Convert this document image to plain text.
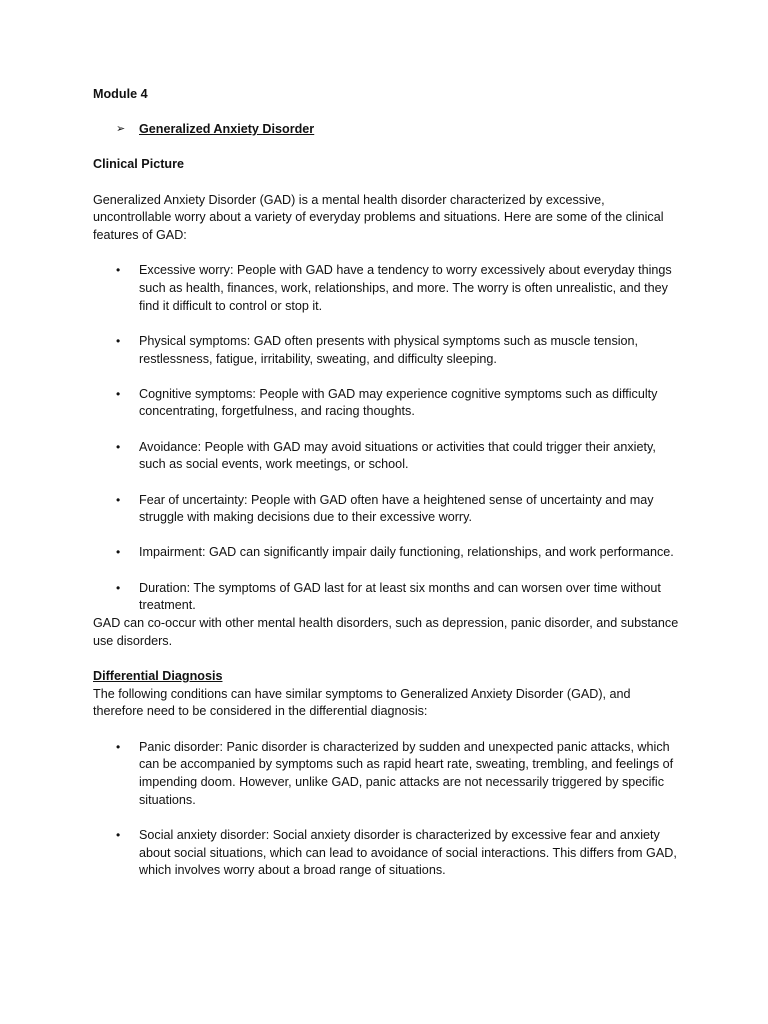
Module 4
➢ Generalized Anxiety Disorder
Clinical Picture
Generalized Anxiety Disorder (GAD) is a mental health disorder characterized by excessive, uncontrollable worry about a variety of everyday problems and situations. Here are some of the clinical features of GAD:
• Excessive worry: People with GAD have a tendency to worry excessively about everyday things such as health, finances, work, relationships, and more. The worry is often unrealistic, and they find it difficult to control or stop it.
• Physical symptoms: GAD often presents with physical symptoms such as muscle tension, restlessness, fatigue, irritability, sweating, and difficulty sleeping.
• Cognitive symptoms: People with GAD may experience cognitive symptoms such as difficulty concentrating, forgetfulness, and racing thoughts.
• Avoidance: People with GAD may avoid situations or activities that could trigger their anxiety, such as social events, work meetings, or school.
• Fear of uncertainty: People with GAD often have a heightened sense of uncertainty and may struggle with making decisions due to their excessive worry.
• Impairment: GAD can significantly impair daily functioning, relationships, and work performance.
• Duration: The symptoms of GAD last for at least six months and can worsen over time without treatment.
GAD can co-occur with other mental health disorders, such as depression, panic disorder, and substance use disorders.
Differential Diagnosis
The following conditions can have similar symptoms to Generalized Anxiety Disorder (GAD), and therefore need to be considered in the differential diagnosis:
• Panic disorder: Panic disorder is characterized by sudden and unexpected panic attacks, which can be accompanied by symptoms such as rapid heart rate, sweating, trembling, and feelings of impending doom. However, unlike GAD, panic attacks are not necessarily triggered by specific situations.
• Social anxiety disorder: Social anxiety disorder is characterized by excessive fear and anxiety about social situations, which can lead to avoidance of social interactions. This differs from GAD, which involves worry about a broad range of situations.
